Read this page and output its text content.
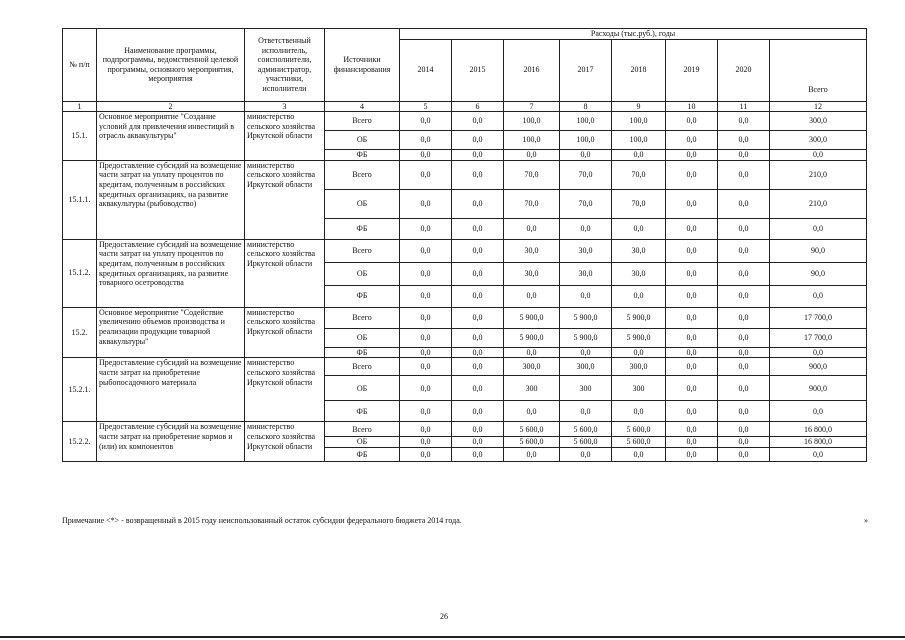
№ п/п	Наименование программы, подпрограммы, ведомственной целевой программы, основного мероприятия, мероприятия	Ответственный исполнитель, соисполнители, администратор, участники, исполнители	Источники финансирования	Расходы (тыс.руб.), годы							
				2014	2015	2016	2017	2018	2019	2020	Всего
1	2	3	4	5	6	7	8	9	10	11	12
15.1.	Основное мероприятие "Создание условий для привлечения инвестиций в отрасль аквакультуры"	министерство сельского хозяйства Иркутской области	Всего	0,0	0,0	100,0	100,0	100,0	0,0	0,0	300,0
			ОБ	0,0	0,0	100,0	100,0	100,0	0,0	0,0	300,0
			ФБ	0,0	0,0	0,0	0,0	0,0	0,0	0,0	0,0
15.1.1.	Предоставление субсидий на возмещение части затрат на уплату процентов по кредитам, полученным в российских кредитных организациях, на развитие аквакультуры (рыбоводство)	министерство сельского хозяйства Иркутской области	Всего	0,0	0,0	70,0	70,0	70,0	0,0	0,0	210,0
			ОБ	0,0	0,0	70,0	70,0	70,0	0,0	0,0	210,0
			ФБ	0,0	0,0	0,0	0,0	0,0	0,0	0,0	0,0
15.1.2.	Предоставление субсидий на возмещение части затрат на уплату процентов по кредитам, полученным в российских кредитных организациях, на развитие товарного осетроводства	министерство сельского хозяйства Иркутской области	Всего	0,0	0,0	30,0	30,0	30,0	0,0	0,0	90,0
			ОБ	0,0	0,0	30,0	30,0	30,0	0,0	0,0	90,0
			ФБ	0,0	0,0	0,0	0,0	0,0	0,0	0,0	0,0
15.2.	Основное мероприятие "Содействие увеличению объемов производства и реализации продукции товарной аквакультуры"	министерство сельского хозяйства Иркутской области	Всего	0,0	0,0	5 900,0	5 900,0	5 900,0	0,0	0,0	17 700,0
			ОБ	0,0	0,0	5 900,0	5 900,0	5 900,0	0,0	0,0	17 700,0
			ФБ	0,0	0,0	0,0	0,0	0,0	0,0	0,0	0,0
15.2.1.	Предоставление субсидий на возмещение части затрат на приобретение рыбопосадочного материала	министерство сельского хозяйства Иркутской области	Всего	0,0	0,0	300,0	300,0	300,0	0,0	0,0	900,0
			ОБ	0,0	0,0	300	300	300	0,0	0,0	900,0
			ФБ	0,0	0,0	0,0	0,0	0,0	0,0	0,0	0,0
15.2.2.	Предоставление субсидий на возмещение части затрат на приобретение кормов и (или) их компонентов	министерство сельского хозяйства Иркутской области	Всего	0,0	0,0	5 600,0	5 600,0	5 600,0	0,0	0,0	16 800,0
			ОБ	0,0	0,0	5 600,0	5 600,0	5 600,0	0,0	0,0	16 800,0
			ФБ	0,0	0,0	0,0	0,0	0,0	0,0	0,0	0,0
Примечание <*> - возвращенный в 2015 году неиспользованный остаток субсидии федерального бюджета 2014 года.	»
26
